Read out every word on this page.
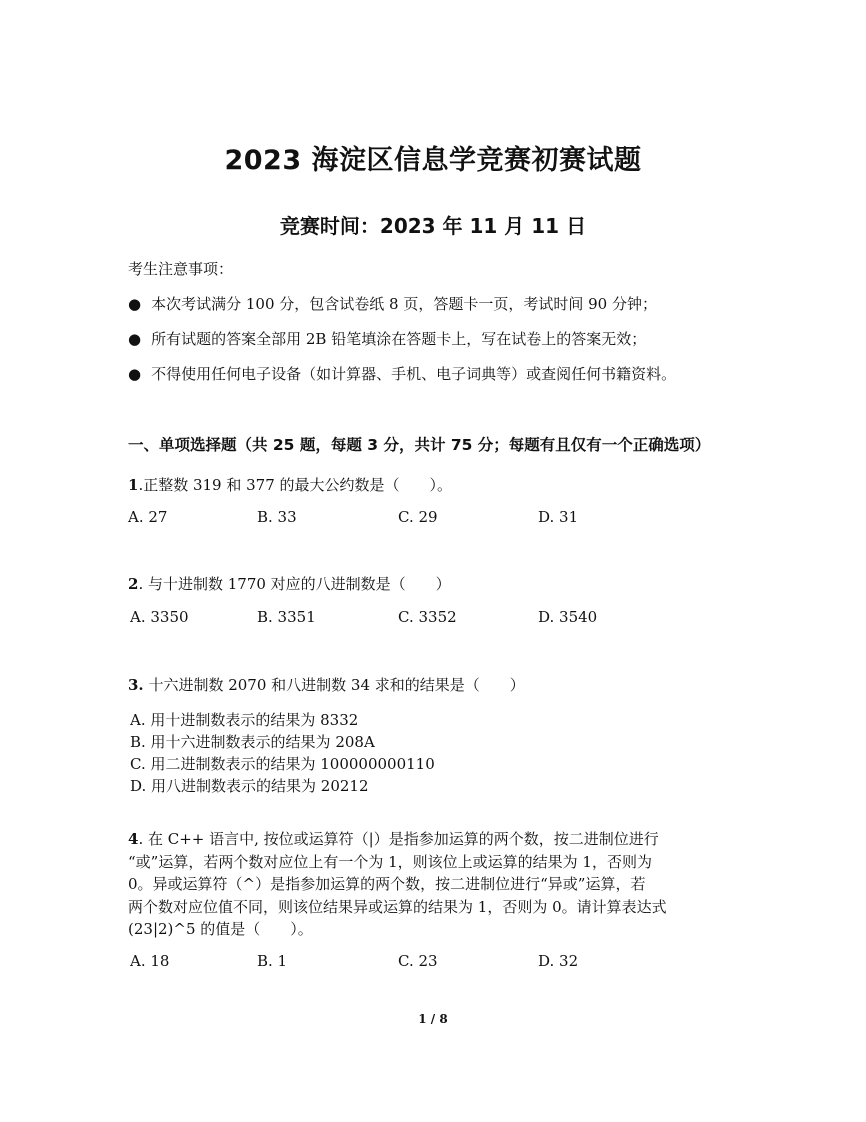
2023 海淀区信息学竞赛初赛试题
竞赛时间：2023 年 11 月 11 日
考生注意事项：
● 本次考试满分 100 分，包含试卷纸 8 页，答题卡一页，考试时间 90 分钟；
● 所有试题的答案全部用 2B 铅笔填涂在答题卡上，写在试卷上的答案无效；
● 不得使用任何电子设备（如计算器、手机、电子词典等）或查阅任何书籍资料。
一、单项选择题（共 25 题，每题 3 分，共计 75 分；每题有且仅有一个正确选项）
1.正整数 319 和 377 的最大公约数是（　　）。
A. 27	B. 33	C. 29	D. 31
2. 与十进制数 1770 对应的八进制数是（　　）
A. 3350	B. 3351	C. 3352	D. 3540
3. 十六进制数 2070 和八进制数 34 求和的结果是（　　）
A. 用十进制数表示的结果为 8332
B. 用十六进制数表示的结果为 208A
C. 用二进制数表示的结果为 100000000110
D. 用八进制数表示的结果为 20212
4. 在 C++ 语言中, 按位或运算符（|）是指参加运算的两个数，按二进制位进行
“或”运算，若两个数对应位上有一个为 1，则该位上或运算的结果为 1，否则为
0。异或运算符（^）是指参加运算的两个数，按二进制位进行“异或”运算，若
两个数对应位值不同，则该位结果异或运算的结果为 1，否则为 0。请计算表达式
(23|2)^5 的值是（　　）。
A. 18	B. 1	C. 23	D. 32
1 / 8
